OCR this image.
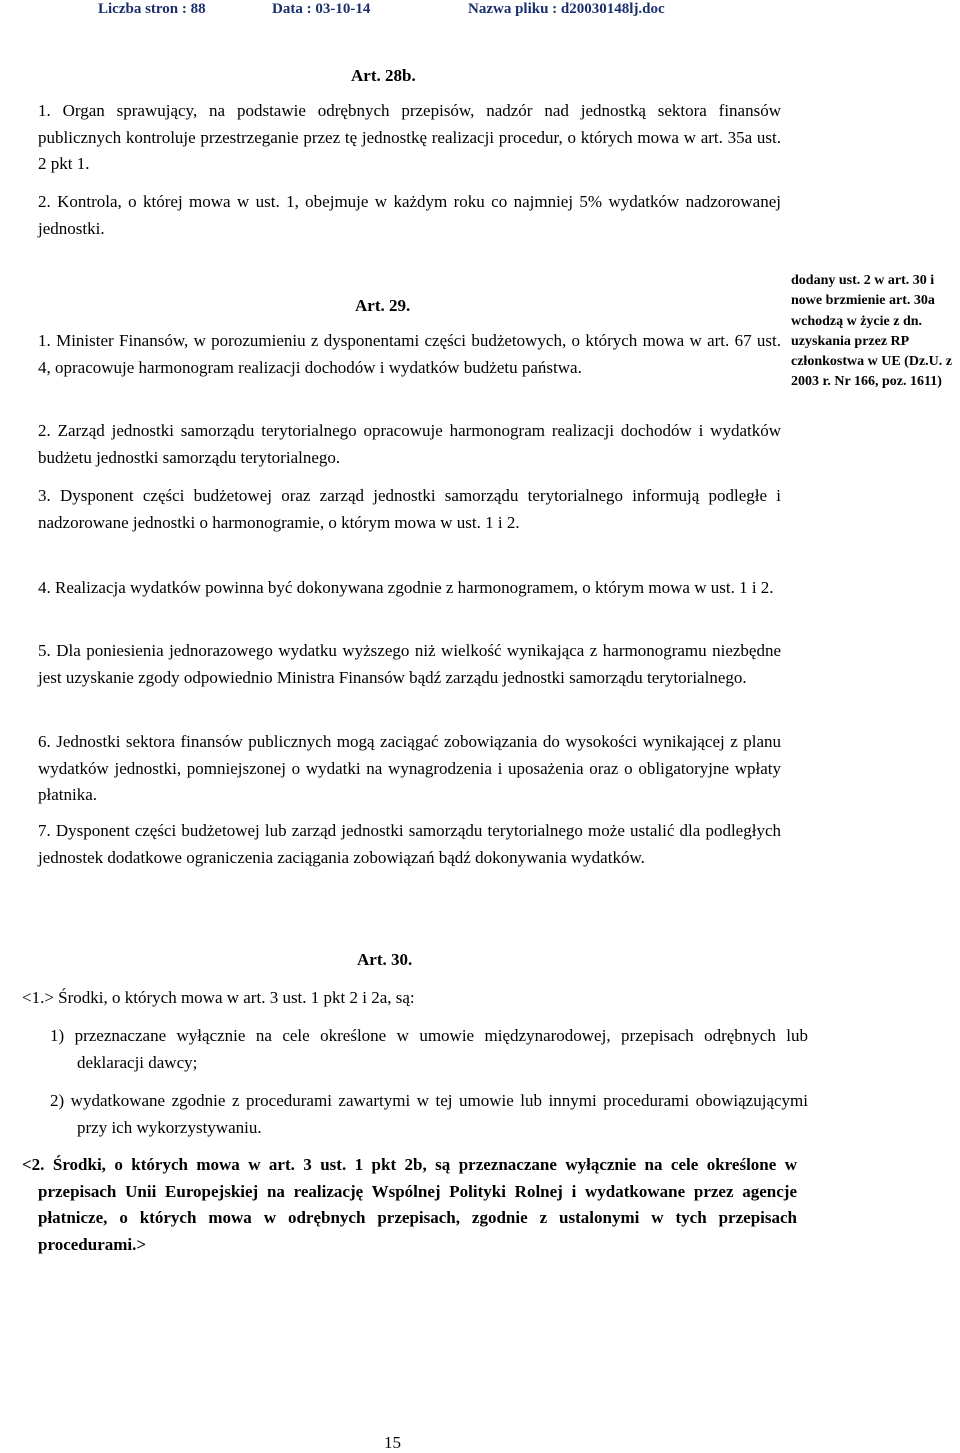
Liczba stron : 88	Data : 03-10-14	Nazwa pliku : d20030148lj.doc
Art. 28b.
1. Organ sprawujący, na podstawie odrębnych przepisów, nadzór nad jednostką sektora finansów publicznych kontroluje przestrzeganie przez tę jednostkę realizacji procedur, o których mowa w art. 35a ust. 2 pkt 1.
2. Kontrola, o której mowa w ust. 1, obejmuje w każdym roku co najmniej 5% wydatków nadzorowanej jednostki.
Art. 29.
1. Minister Finansów, w porozumieniu z dysponentami części budżetowych, o których mowa w art. 67 ust. 4, opracowuje harmonogram realizacji dochodów i wydatków budżetu państwa.
2. Zarząd jednostki samorządu terytorialnego opracowuje harmonogram realizacji dochodów i wydatków budżetu jednostki samorządu terytorialnego.
3. Dysponent części budżetowej oraz zarząd jednostki samorządu terytorialnego informują podległe i nadzorowane jednostki o harmonogramie, o którym mowa w ust. 1 i 2.
4. Realizacja wydatków powinna być dokonywana zgodnie z harmonogramem, o którym mowa w ust. 1 i 2.
5. Dla poniesienia jednorazowego wydatku wyższego niż wielkość wynikająca z harmonogramu niezbędne jest uzyskanie zgody odpowiednio Ministra Finansów bądź zarządu jednostki samorządu terytorialnego.
6. Jednostki sektora finansów publicznych mogą zaciągać zobowiązania do wysokości wynikającej z planu wydatków jednostki, pomniejszonej o wydatki na wynagrodzenia i uposażenia oraz o obligatoryjne wpłaty płatnika.
7. Dysponent części budżetowej lub zarząd jednostki samorządu terytorialnego może ustalić dla podległych jednostek dodatkowe ograniczenia zaciągania zobowiązań bądź dokonywania wydatków.
dodany ust. 2 w art. 30 i nowe brzmienie art. 30a wchodzą w życie z dn. uzyskania przez RP członkostwa w UE (Dz.U. z 2003 r. Nr 166, poz. 1611)
Art. 30.
<1.> Środki, o których mowa w art. 3 ust. 1 pkt 2 i 2a, są:
1) przeznaczane wyłącznie na cele określone w umowie międzynarodowej, przepisach odrębnych lub deklaracji dawcy;
2) wydatkowane zgodnie z procedurami zawartymi w tej umowie lub innymi procedurami obowiązującymi przy ich wykorzystywaniu.
<2. Środki, o których mowa w art. 3 ust. 1 pkt 2b, są przeznaczane wyłącznie na cele określone w przepisach Unii Europejskiej na realizację Wspólnej Polityki Rolnej i wydatkowane przez agencje płatnicze, o których mowa w odrębnych przepisach, zgodnie z ustalonymi w tych przepisach procedurami.>
15
